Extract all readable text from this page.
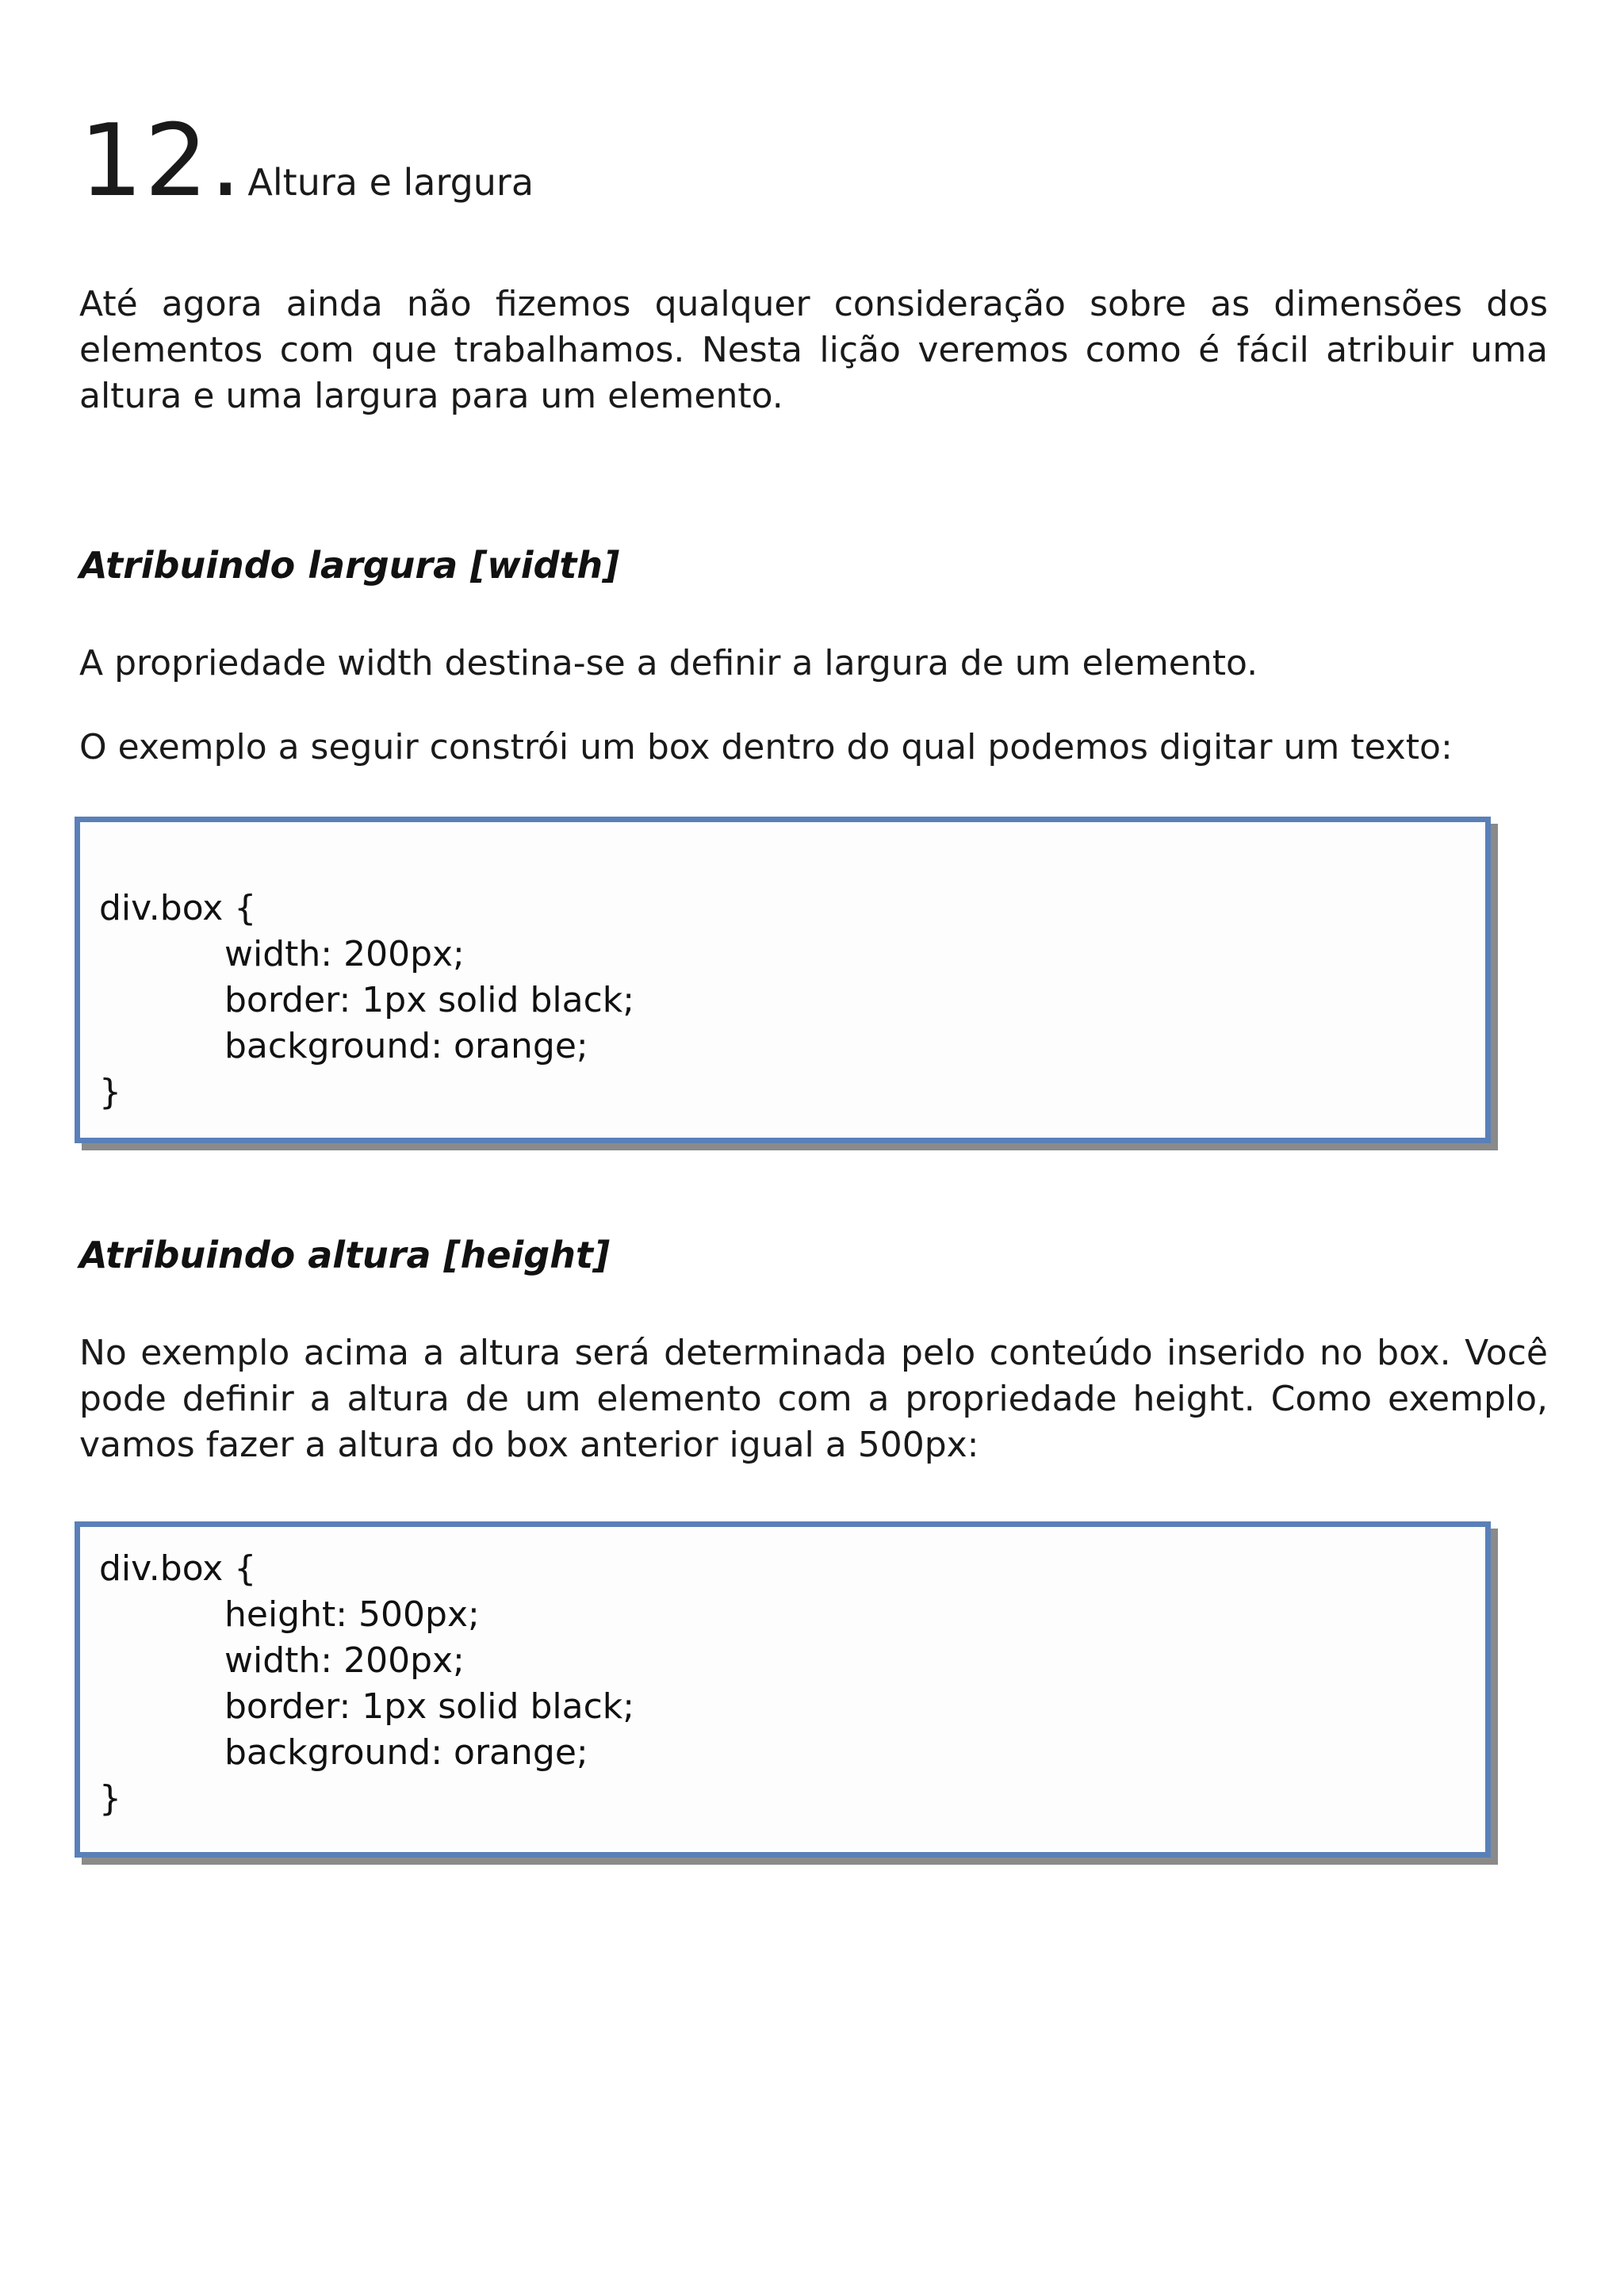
12. Altura e largura
Até agora ainda não fizemos qualquer consideração sobre as dimensões dos elementos com que trabalhamos. Nesta lição veremos como é fácil atribuir uma altura e uma largura para um elemento.
Atribuindo largura [width]
A propriedade width destina-se a definir a largura de um elemento.
O exemplo a seguir constrói um box dentro do qual podemos digitar um texto:
div.box {
width: 200px;
border: 1px solid black;
background: orange;
}
Atribuindo altura [height]
No exemplo acima a altura será determinada pelo conteúdo inserido no box. Você pode definir a altura de um elemento com a propriedade height. Como exemplo, vamos fazer a altura do box anterior igual a 500px:
div.box {
height: 500px;
width: 200px;
border: 1px solid black;
background: orange;
}
